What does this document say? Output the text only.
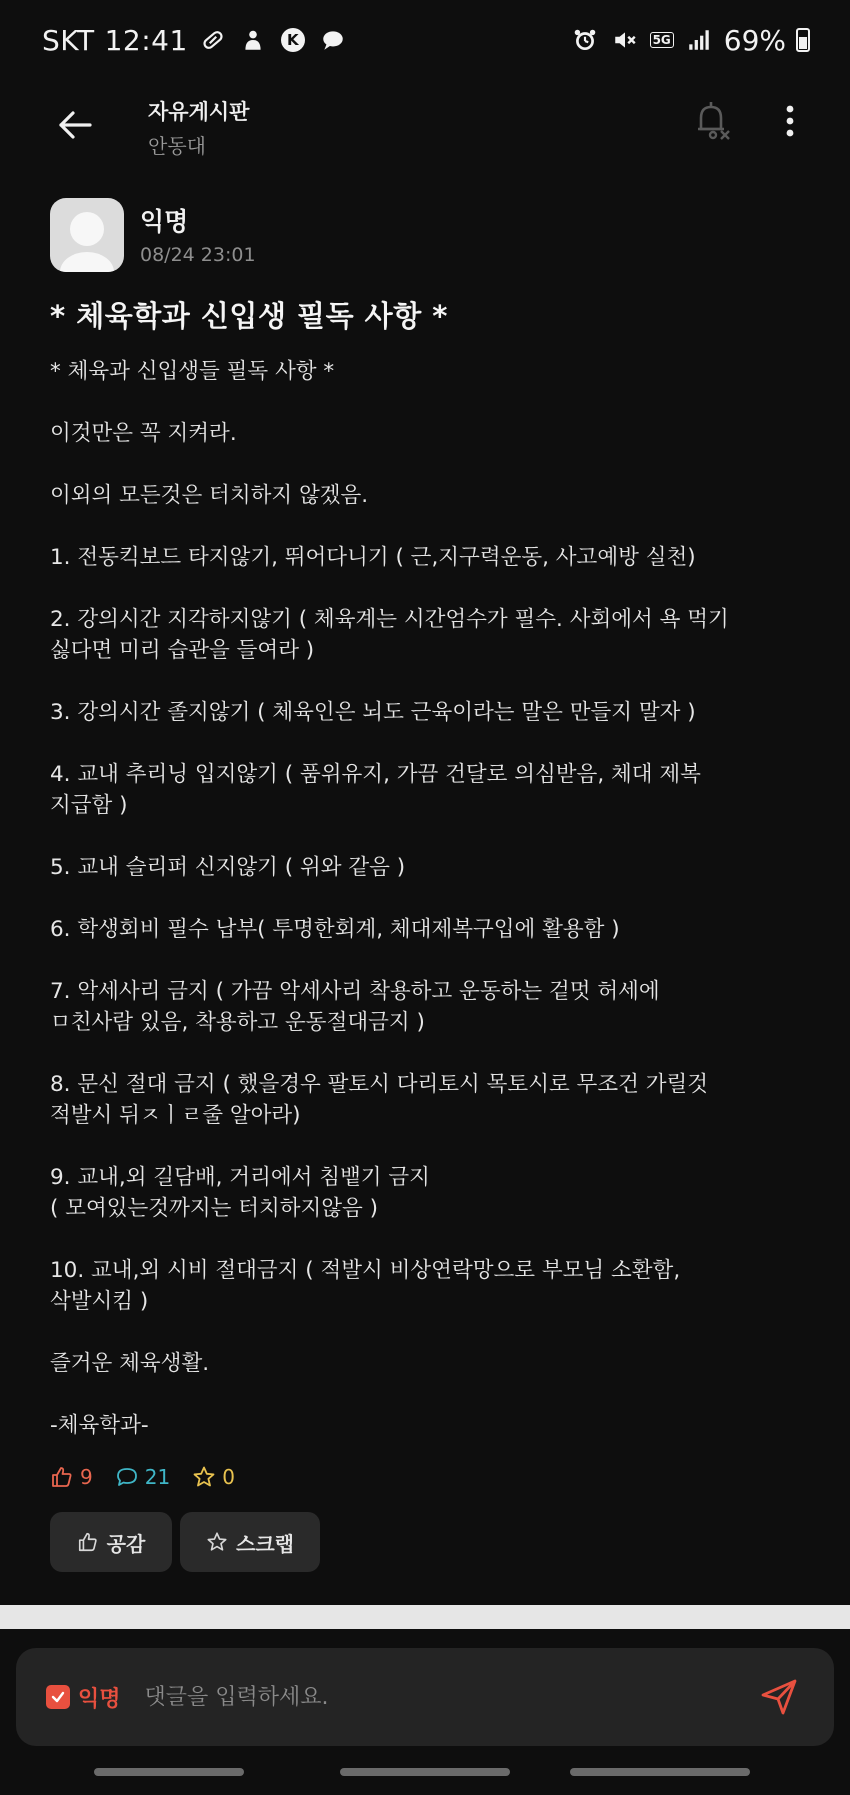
SKT 12:41	K	5G 69%
자유게시판
안동대
익명
08/24 23:01
* 체육학과 신입생 필독 사항 *

* 체육과 신입생들 필독 사항 *

이것만은 꼭 지켜라.

이외의 모든것은 터치하지 않겠음.

1. 전동킥보드 타지않기, 뛰어다니기 ( 근,지구력운동, 사고예방 실천)

2. 강의시간 지각하지않기 ( 체육계는 시간엄수가 필수. 사회에서 욕 먹기
싫다면 미리 습관을 들여라 )

3. 강의시간 졸지않기 ( 체육인은 뇌도 근육이라는 말은 만들지 말자 )

4. 교내 추리닝 입지않기 ( 품위유지, 가끔 건달로 의심받음, 체대 제복
지급함 )

5. 교내 슬리퍼 신지않기 ( 위와 같음 )

6. 학생회비 필수 납부( 투명한회계, 체대제복구입에 활용함 )

7. 악세사리 금지 ( 가끔 악세사리 착용하고 운동하는 겉멋 허세에
ㅁ친사람 있음, 착용하고 운동절대금지 )

8. 문신 절대 금지 ( 했을경우 팔토시 다리토시 목토시로 무조건 가릴것
적발시 뒤ㅈㅣㄹ줄 알아라)

9. 교내,외 길담배, 거리에서 침뱉기 금지
( 모여있는것까지는 터치하지않음 )

10. 교내,외 시비 절대금지 ( 적발시 비상연락망으로 부모님 소환함,
삭발시킴 )

즐거운 체육생활.

-체육학과-

9	21	0
공감	스크랩
익명
댓글을 입력하세요.
